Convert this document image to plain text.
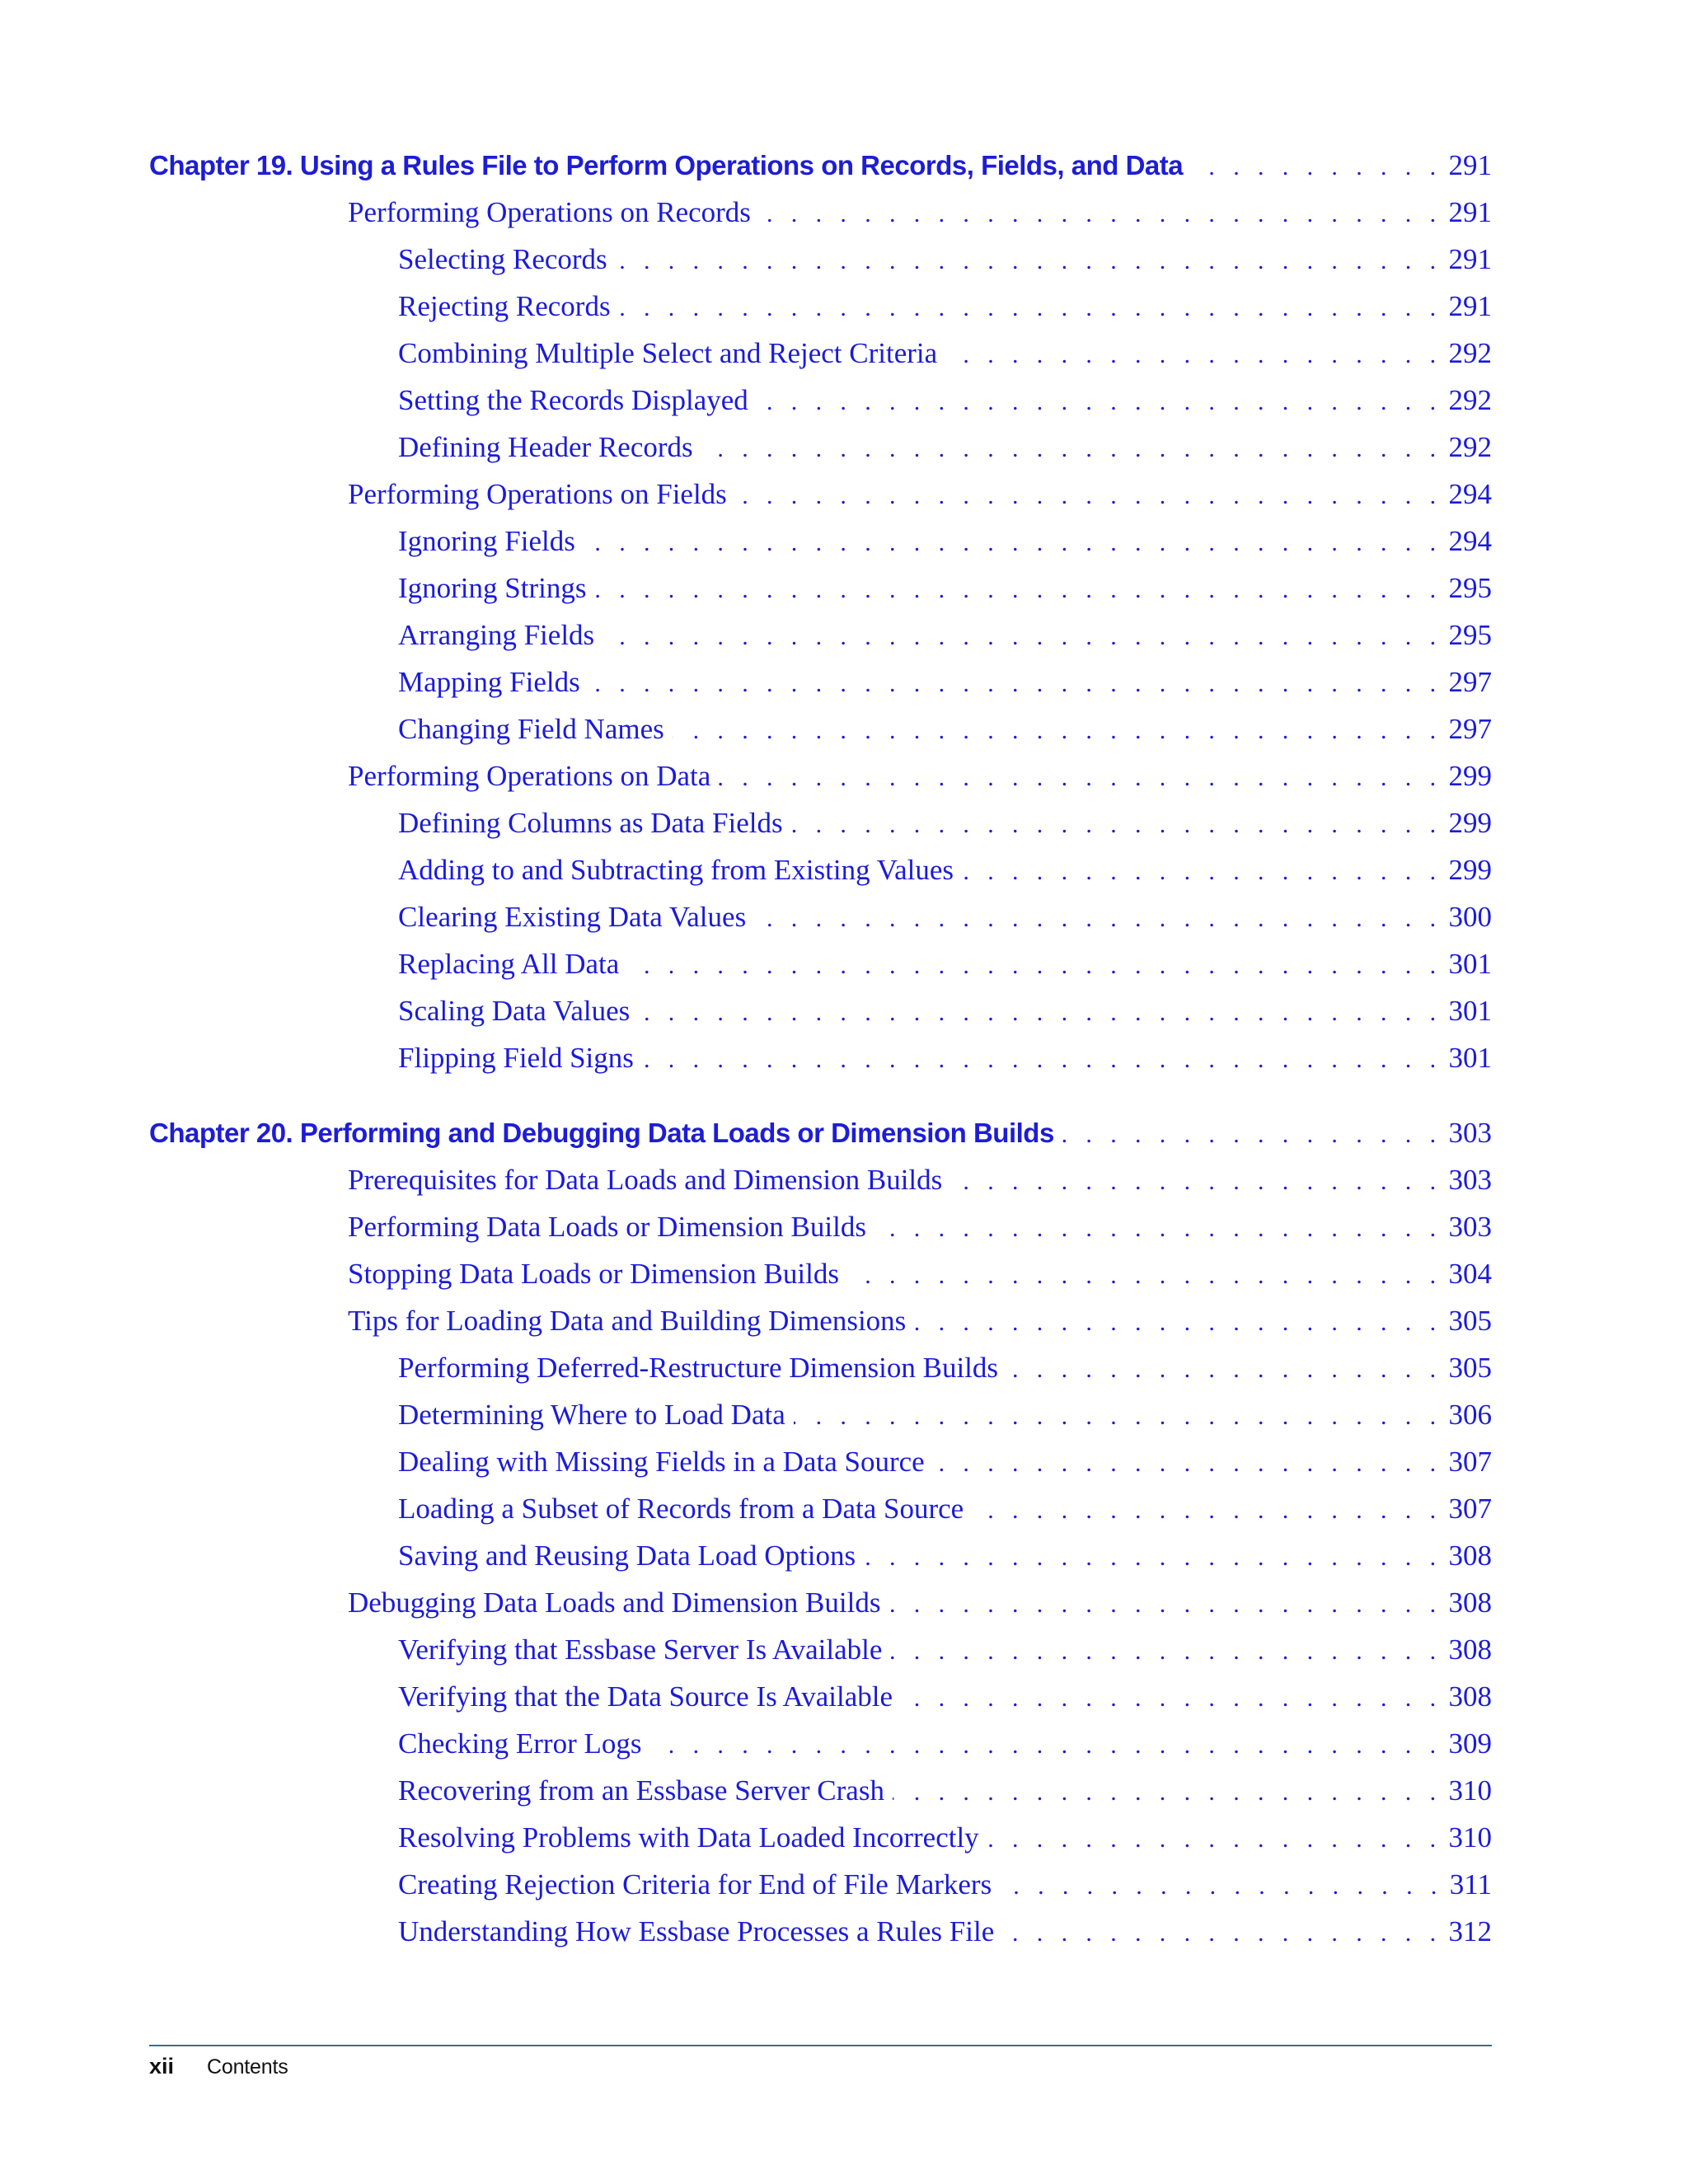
Chapter 19. Using a Rules File to Perform Operations on Records, Fields, and Data . . .	291
Performing Operations on Records . . .	291
Selecting Records . . .	291
Rejecting Records . . .	291
Combining Multiple Select and Reject Criteria . . .	292
Setting the Records Displayed . . .	292
Defining Header Records . . .	292
Performing Operations on Fields . . .	294
Ignoring Fields . . .	294
Ignoring Strings . . .	295
Arranging Fields . . .	295
Mapping Fields . . .	297
Changing Field Names . . .	297
Performing Operations on Data . . .	299
Defining Columns as Data Fields . . .	299
Adding to and Subtracting from Existing Values . . .	299
Clearing Existing Data Values . . .	300
Replacing All Data . . .	301
Scaling Data Values . . .	301
Flipping Field Signs . . .	301
Chapter 20. Performing and Debugging Data Loads or Dimension Builds . . .	303
Prerequisites for Data Loads and Dimension Builds . . .	303
Performing Data Loads or Dimension Builds . . .	303
Stopping Data Loads or Dimension Builds . . .	304
Tips for Loading Data and Building Dimensions . . .	305
Performing Deferred-Restructure Dimension Builds . . .	305
Determining Where to Load Data . . .	306
Dealing with Missing Fields in a Data Source . . .	307
Loading a Subset of Records from a Data Source . . .	307
Saving and Reusing Data Load Options . . .	308
Debugging Data Loads and Dimension Builds . . .	308
Verifying that Essbase Server Is Available . . .	308
Verifying that the Data Source Is Available . . .	308
Checking Error Logs . . .	309
Recovering from an Essbase Server Crash . . .	310
Resolving Problems with Data Loaded Incorrectly . . .	310
Creating Rejection Criteria for End of File Markers . . .	311
Understanding How Essbase Processes a Rules File . . .	312
xii Contents
